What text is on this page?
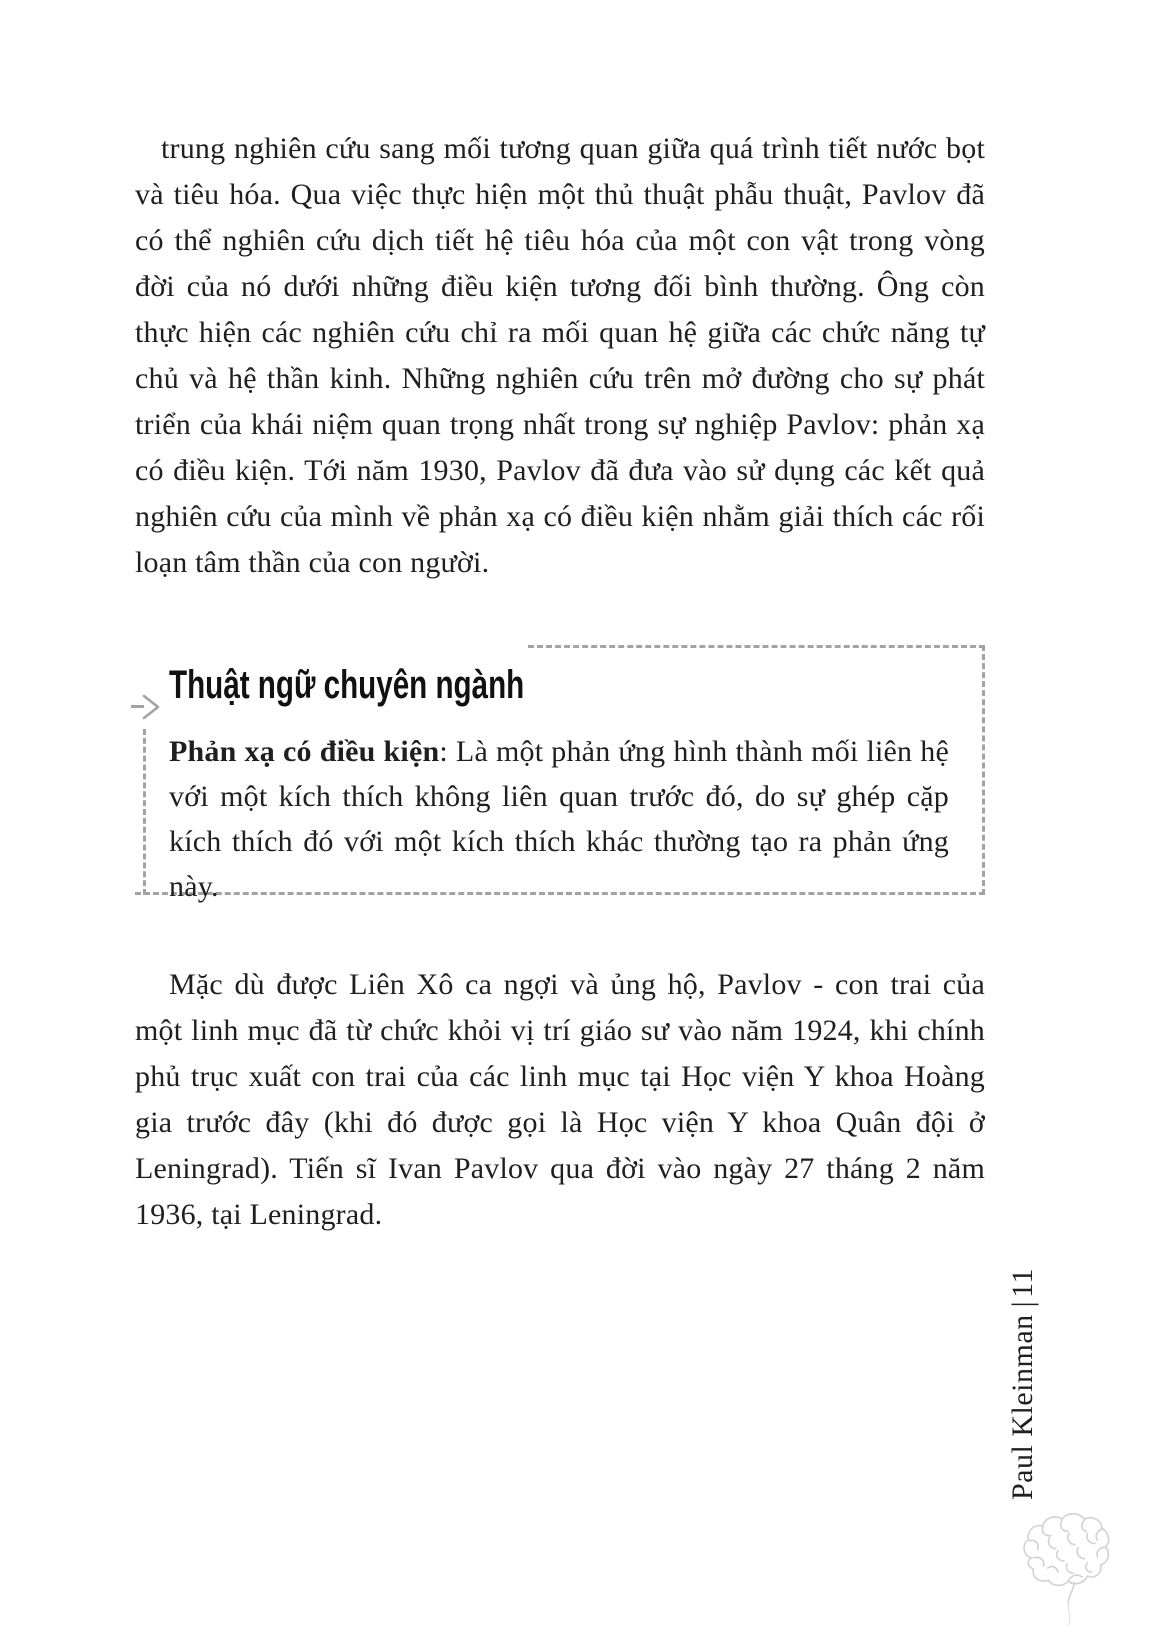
trung nghiên cứu sang mối tương quan giữa quá trình tiết nước bọt và tiêu hóa. Qua việc thực hiện một thủ thuật phẫu thuật, Pavlov đã có thể nghiên cứu dịch tiết hệ tiêu hóa của một con vật trong vòng đời của nó dưới những điều kiện tương đối bình thường. Ông còn thực hiện các nghiên cứu chỉ ra mối quan hệ giữa các chức năng tự chủ và hệ thần kinh. Những nghiên cứu trên mở đường cho sự phát triển của khái niệm quan trọng nhất trong sự nghiệp Pavlov: phản xạ có điều kiện. Tới năm 1930, Pavlov đã đưa vào sử dụng các kết quả nghiên cứu của mình về phản xạ có điều kiện nhằm giải thích các rối loạn tâm thần của con người.

Thuật ngữ chuyên ngành

Phản xạ có điều kiện: Là một phản ứng hình thành mối liên hệ với một kích thích không liên quan trước đó, do sự ghép cặp kích thích đó với một kích thích khác thường tạo ra phản ứng này.

Mặc dù được Liên Xô ca ngợi và ủng hộ, Pavlov - con trai của một linh mục đã từ chức khỏi vị trí giáo sư vào năm 1924, khi chính phủ trục xuất con trai của các linh mục tại Học viện Y khoa Hoàng gia trước đây (khi đó được gọi là Học viện Y khoa Quân đội ở Leningrad). Tiến sĩ Ivan Pavlov qua đời vào ngày 27 tháng 2 năm 1936, tại Leningrad.

Paul Kleinman|11
